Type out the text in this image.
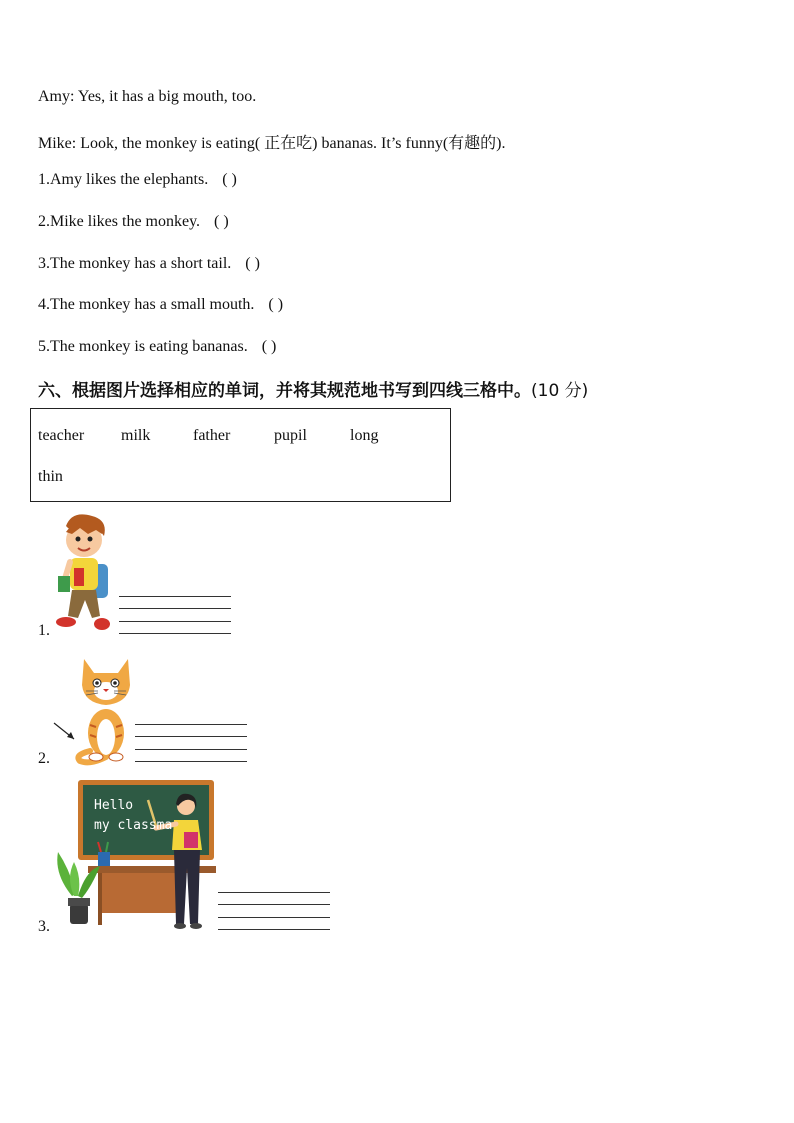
Amy: Yes, it has a big mouth, too.
Mike: Look, the monkey is eating( 正在吃) bananas. It’s funny(有趣的).
1.Amy likes the elephants. ( )
2.Mike likes the monkey. ( )
3.The monkey has a short tail. ( )
4.The monkey has a small mouth. ( )
5.The monkey is eating bananas. ( )
六、根据图片选择相应的单词，并将其规范地书写到四线三格中。(10 分)
teacher milk	father	pupil	long
thin
1.
2.
Hello
my classma
3.
